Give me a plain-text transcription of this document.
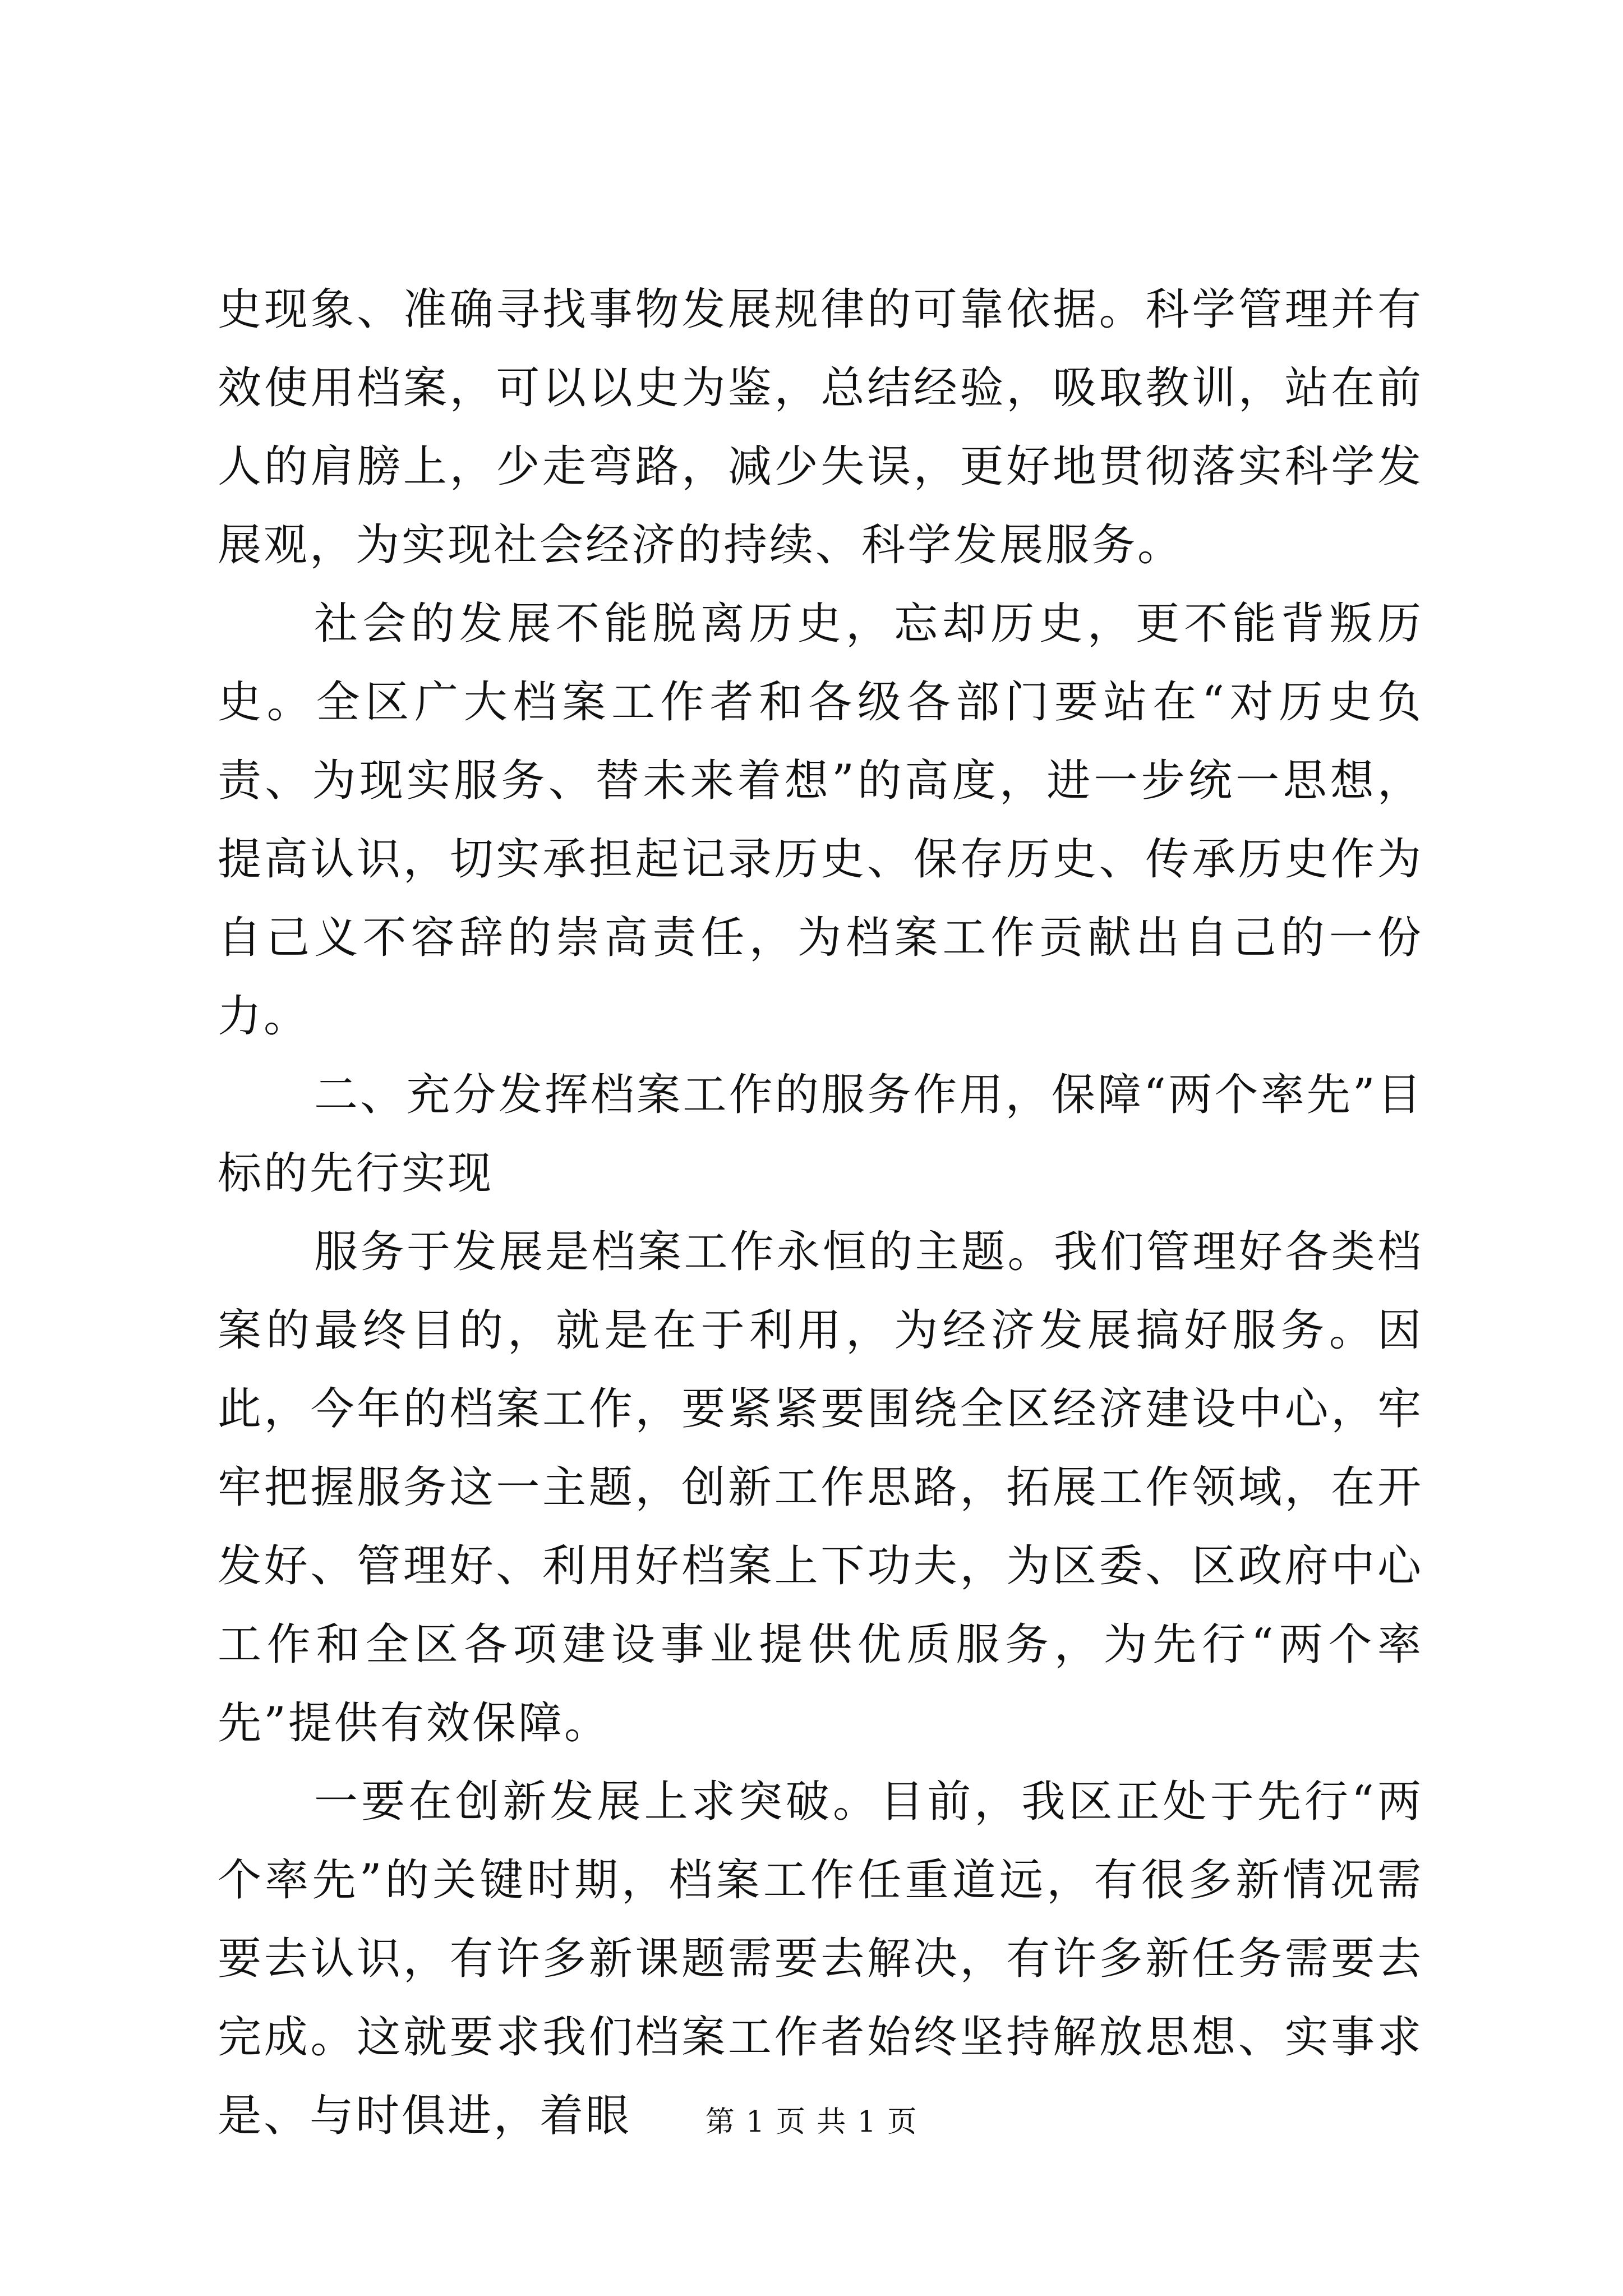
史现象、准确寻找事物发展规律的可靠依据。科学管理并有效使用档案，可以以史为鉴，总结经验，吸取教训，站在前人的肩膀上，少走弯路，减少失误，更好地贯彻落实科学发展观，为实现社会经济的持续、科学发展服务。

社会的发展不能脱离历史，忘却历史，更不能背叛历史。全区广大档案工作者和各级各部门要站在“对历史负责、为现实服务、替未来着想”的高度，进一步统一思想，提高认识，切实承担起记录历史、保存历史、传承历史作为自己义不容辞的崇高责任，为档案工作贡献出自己的一份力。

二、充分发挥档案工作的服务作用，保障“两个率先”目标的先行实现

服务于发展是档案工作永恒的主题。我们管理好各类档案的最终目的，就是在于利用，为经济发展搞好服务。因此，今年的档案工作，要紧紧要围绕全区经济建设中心，牢牢把握服务这一主题，创新工作思路，拓展工作领域，在开发好、管理好、利用好档案上下功夫，为区委、区政府中心工作和全区各项建设事业提供优质服务，为先行“两个率先”提供有效保障。

一要在创新发展上求突破。目前，我区正处于先行“两个率先”的关键时期，档案工作任重道远，有很多新情况需要去认识，有许多新课题需要去解决，有许多新任务需要去完成。这就要求我们档案工作者始终坚持解放思想、实事求是、与时俱进，着眼	第 1 页 共 1 页
